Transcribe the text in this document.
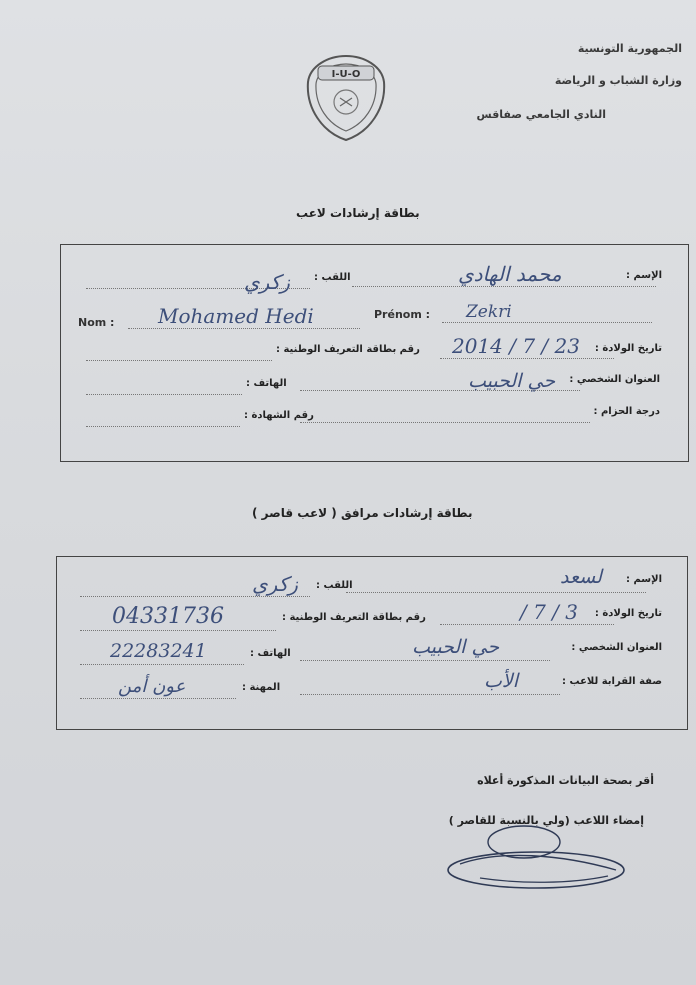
الجمهورية التونسية
وزارة الشباب و الرياضة
النادي الجامعي صفاقس
I-U-O
بطاقة إرشادات لاعب
الإسم :
محمد الهادي
اللقب :
زكري
Nom : Mohamed Hedi	Prénom : Zekri
تاريخ الولادة :
2014 / 7 / 23
رقم بطاقة التعريف الوطنية :
العنوان الشخصي :
حي الحبيب
الهاتف :
درجة الحزام :
رقم الشهادة :
بطاقة إرشادات مرافق ( لاعب قاصر )
الإسم :
لسعد
اللقب :
زكري
تاريخ الولادة :
/ 7 / 3
رقم بطاقة التعريف الوطنية :
04331736
العنوان الشخصي :
حي الحبيب
الهاتف :
22283241
صفة القرابة للاعب :
الأب
المهنة :
عون أمن
أقر بصحة البيانات المذكورة أعلاه
إمضاء اللاعب (ولي بالنسبة للقاصر )
